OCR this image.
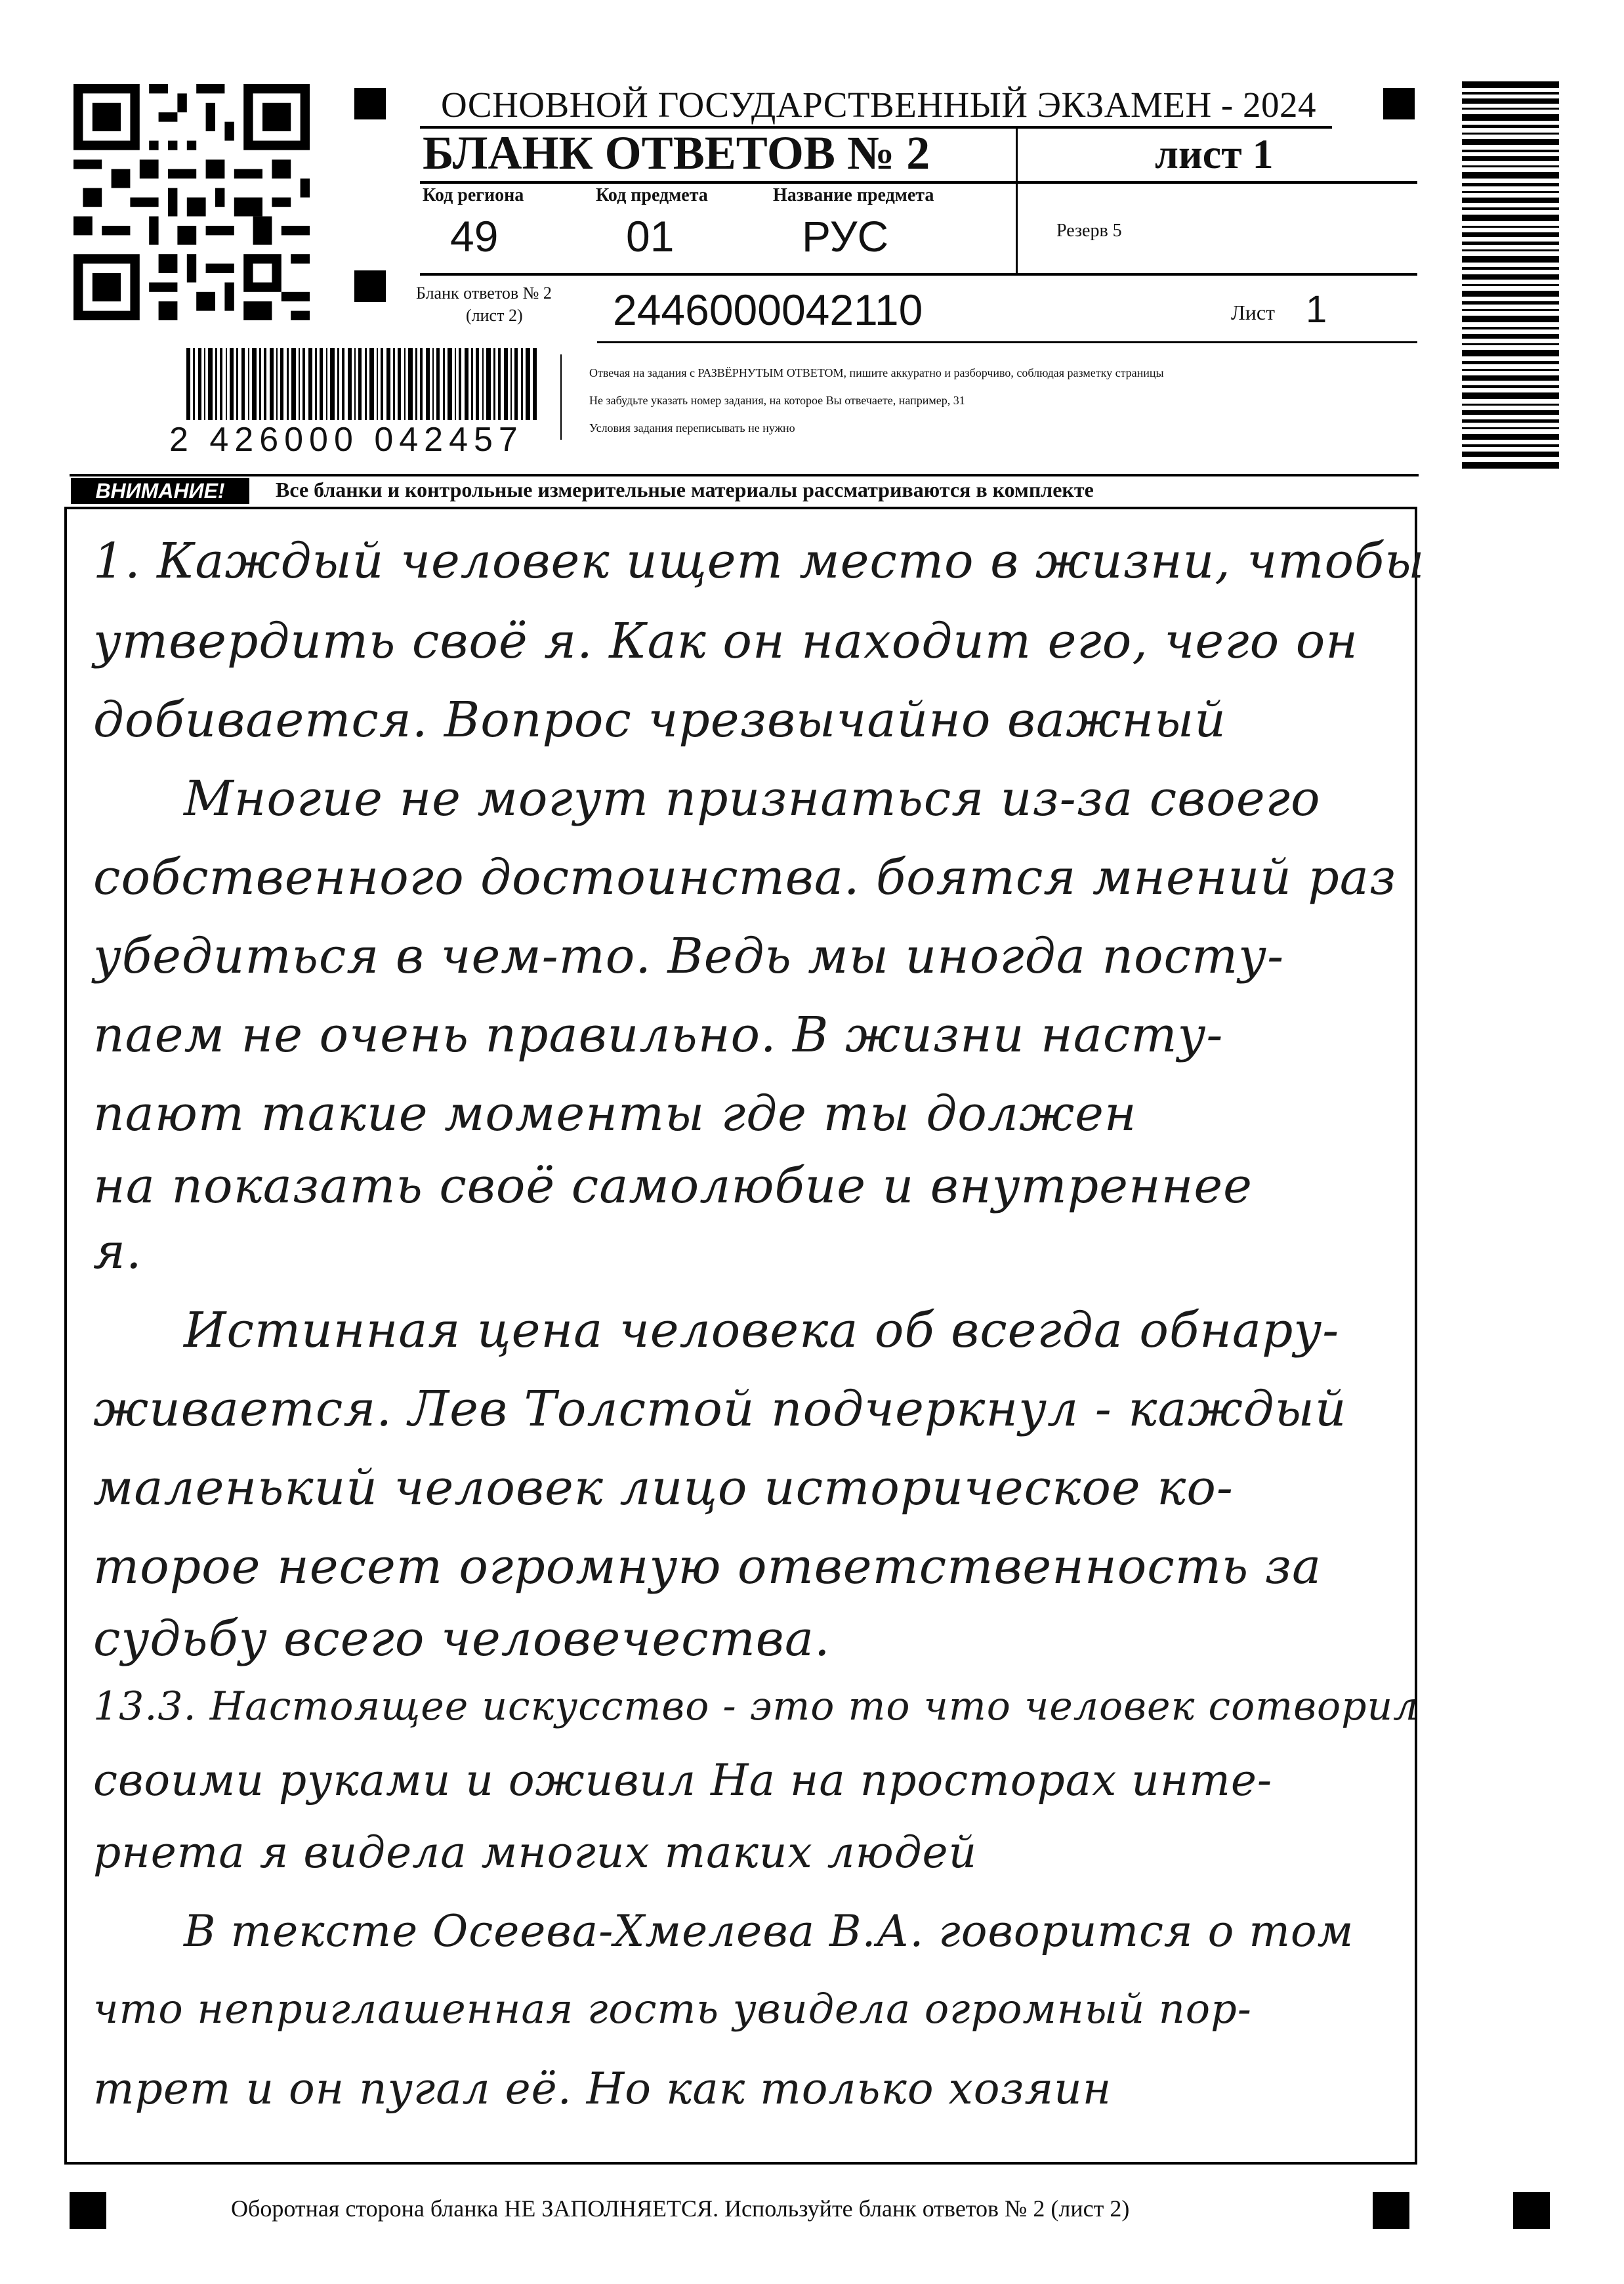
2 426000 042457
ОСНОВНОЙ ГОСУДАРСТВЕННЫЙ ЭКЗАМЕН - 2024
БЛАНК ОТВЕТОВ № 2	лист 1
Код региона	Код предмета	Название предмета
49	01	РУС	Резерв 5
Бланк ответов № 2
(лист 2) 2446000042110	Лист 1
Отвечая на задания с РАЗВЁРНУТЫМ ОТВЕТОМ, пишите аккуратно и разборчиво, соблюдая разметку страницы
Не забудьте указать номер задания, на которое Вы отвечаете, например, 31
Условия задания переписывать не нужно
ВНИМАНИЕ!	Все бланки и контрольные измерительные материалы рассматриваются в комплекте
1. Каждый человек ищет место в жизни, чтобы
утвердить своё я. Как он находит его, чего он
добивается. Вопрос чрезвычайно важный
Многие не могут признаться из-за своего
собственного достоинства. боятся мнений раз
убедиться в чем-то. Ведь мы иногда посту-
паем не очень правильно. В жизни насту-
пают такие моменты где ты должен
на показать своё самолюбие и внутреннее
я.
Истинная цена человека об всегда обнару-
живается. Лев Толстой подчеркнул - каждый
маленький человек лицо историческое ко-
торое несет огромную ответственность за
судьбу всего человечества.
13.3. Настоящее искусство - это то что человек сотворил
своими руками и оживил На на просторах инте-
рнета я видела многих таких людей
В тексте Осеева-Хмелева В.А. говорится о том
что неприглашенная гость увидела огромный пор-
трет и он пугал её. Но как только хозяин
Оборотная сторона бланка НЕ ЗАПОЛНЯЕТСЯ. Используйте бланк ответов № 2 (лист 2)
